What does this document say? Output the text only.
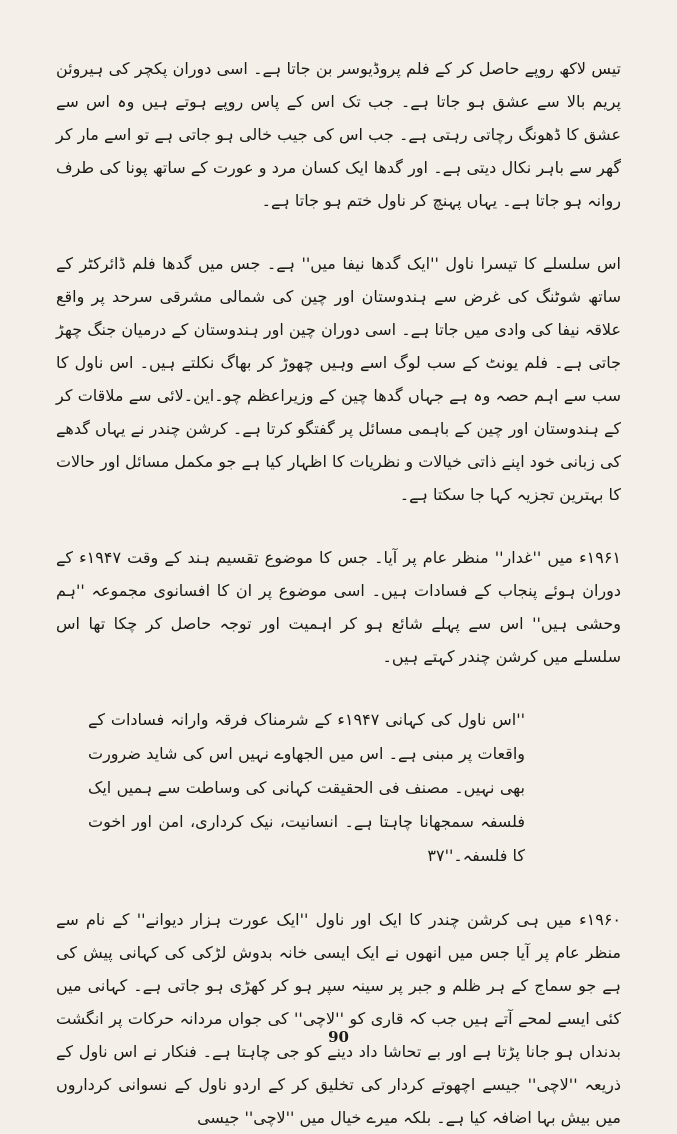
تیس لاکھ روپے حاصل کر کے فلم پروڈیوسر بن جاتا ہے۔ اسی دوران پکچر کی ہیروئن پریم بالا سے عشق ہو جاتا ہے۔ جب تک اس کے پاس روپے ہوتے ہیں وہ اس سے عشق کا ڈھونگ رچاتی رہتی ہے۔ جب اس کی جیب خالی ہو جاتی ہے تو اسے مار کر گھر سے باہر نکال دیتی ہے۔ اور گدھا ایک کسان مرد و عورت کے ساتھ پونا کی طرف روانہ ہو جاتا ہے۔ یہاں پہنچ کر ناول ختم ہو جاتا ہے۔

اس سلسلے کا تیسرا ناول ''ایک گدھا نیفا میں'' ہے۔ جس میں گدھا فلم ڈائرکٹر کے ساتھ شوٹنگ کی غرض سے ہندوستان اور چین کی شمالی مشرقی سرحد پر واقع علاقہ نیفا کی وادی میں جاتا ہے۔ اسی دوران چین اور ہندوستان کے درمیان جنگ چھڑ جاتی ہے۔ فلم یونٹ کے سب لوگ اسے وہیں چھوڑ کر بھاگ نکلتے ہیں۔ اس ناول کا سب سے اہم حصہ وہ ہے جہاں گدھا چین کے وزیراعظم چو۔این۔لائی سے ملاقات کر کے ہندوستان اور چین کے باہمی مسائل پر گفتگو کرتا ہے۔ کرشن چندر نے یہاں گدھے کی زبانی خود اپنے ذاتی خیالات و نظریات کا اظہار کیا ہے جو مکمل مسائل اور حالات کا بہترین تجزیہ کہا جا سکتا ہے۔

۱۹۶۱ء میں ''غدار'' منظر عام پر آیا۔ جس کا موضوع تقسیم ہند کے وقت ۱۹۴۷ء کے دوران ہوئے پنجاب کے فسادات ہیں۔ اسی موضوع پر ان کا افسانوی مجموعہ ''ہم وحشی ہیں'' اس سے پہلے شائع ہو کر اہمیت اور توجہ حاصل کر چکا تھا اس سلسلے میں کرشن چندر کہتے ہیں۔

''اس ناول کی کہانی ۱۹۴۷ء کے شرمناک فرقہ وارانہ فسادات کے واقعات پر مبنی ہے۔ اس میں الجھاوے نہیں اس کی شاید ضرورت بھی نہیں۔ مصنف فی الحقیقت کہانی کی وساطت سے ہمیں ایک فلسفہ سمجھانا چاہتا ہے۔ انسانیت، نیک کرداری، امن اور اخوت کا فلسفہ۔''۳۷

۱۹۶۰ء میں ہی کرشن چندر کا ایک اور ناول ''ایک عورت ہزار دیوانے'' کے نام سے منظر عام پر آیا جس میں انھوں نے ایک ایسی خانہ بدوش لڑکی کی کہانی پیش کی ہے جو سماج کے ہر ظلم و جبر پر سینہ سپر ہو کر کھڑی ہو جاتی ہے۔ کہانی میں کئی ایسے لمحے آتے ہیں جب کہ قاری کو ''لاچی'' کی جواں مردانہ حرکات پر انگشت بدنداں ہو جانا پڑتا ہے اور بے تحاشا داد دینے کو جی چاہتا ہے۔ فنکار نے اس ناول کے ذریعہ ''لاچی'' جیسے اچھوتے کردار کی تخلیق کر کے اردو ناول کے نسوانی کرداروں میں بیش بہا اضافہ کیا ہے۔ بلکہ میرے خیال میں ''لاچی'' جیسی

90
